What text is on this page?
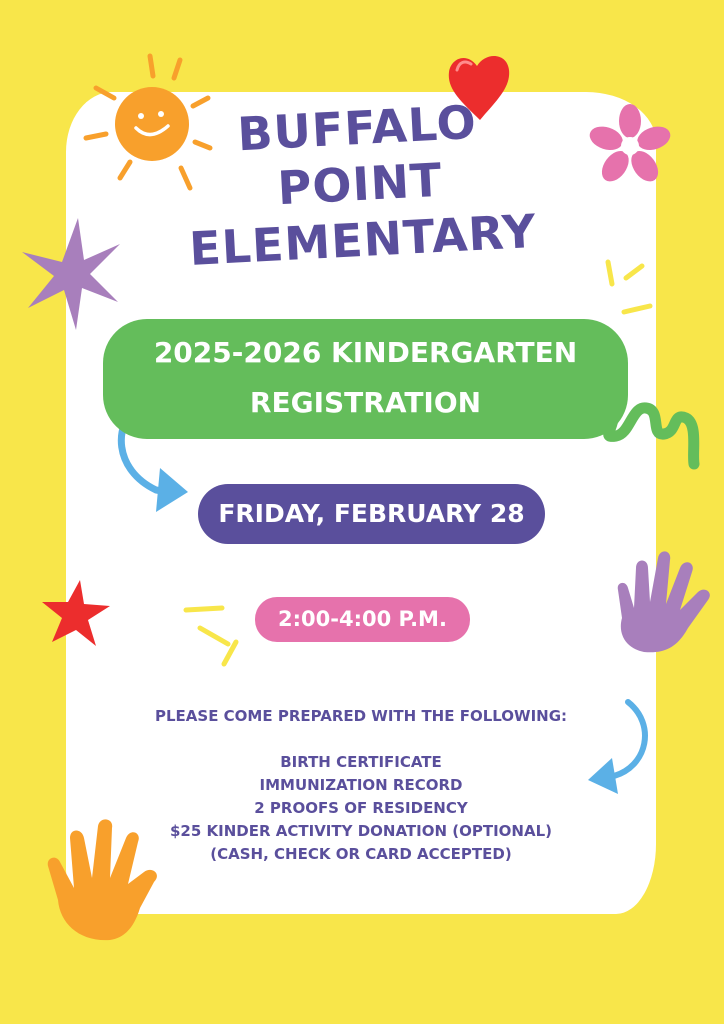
BUFFALO
POINT
ELEMENTARY
2025-2026 KINDERGARTEN
REGISTRATION
FRIDAY, FEBRUARY 28
2:00-4:00 P.M.
PLEASE COME PREPARED WITH THE FOLLOWING:
BIRTH CERTIFICATE
IMMUNIZATION RECORD
2 PROOFS OF RESIDENCY
$25 KINDER ACTIVITY DONATION (OPTIONAL)
(CASH, CHECK OR CARD ACCEPTED)
